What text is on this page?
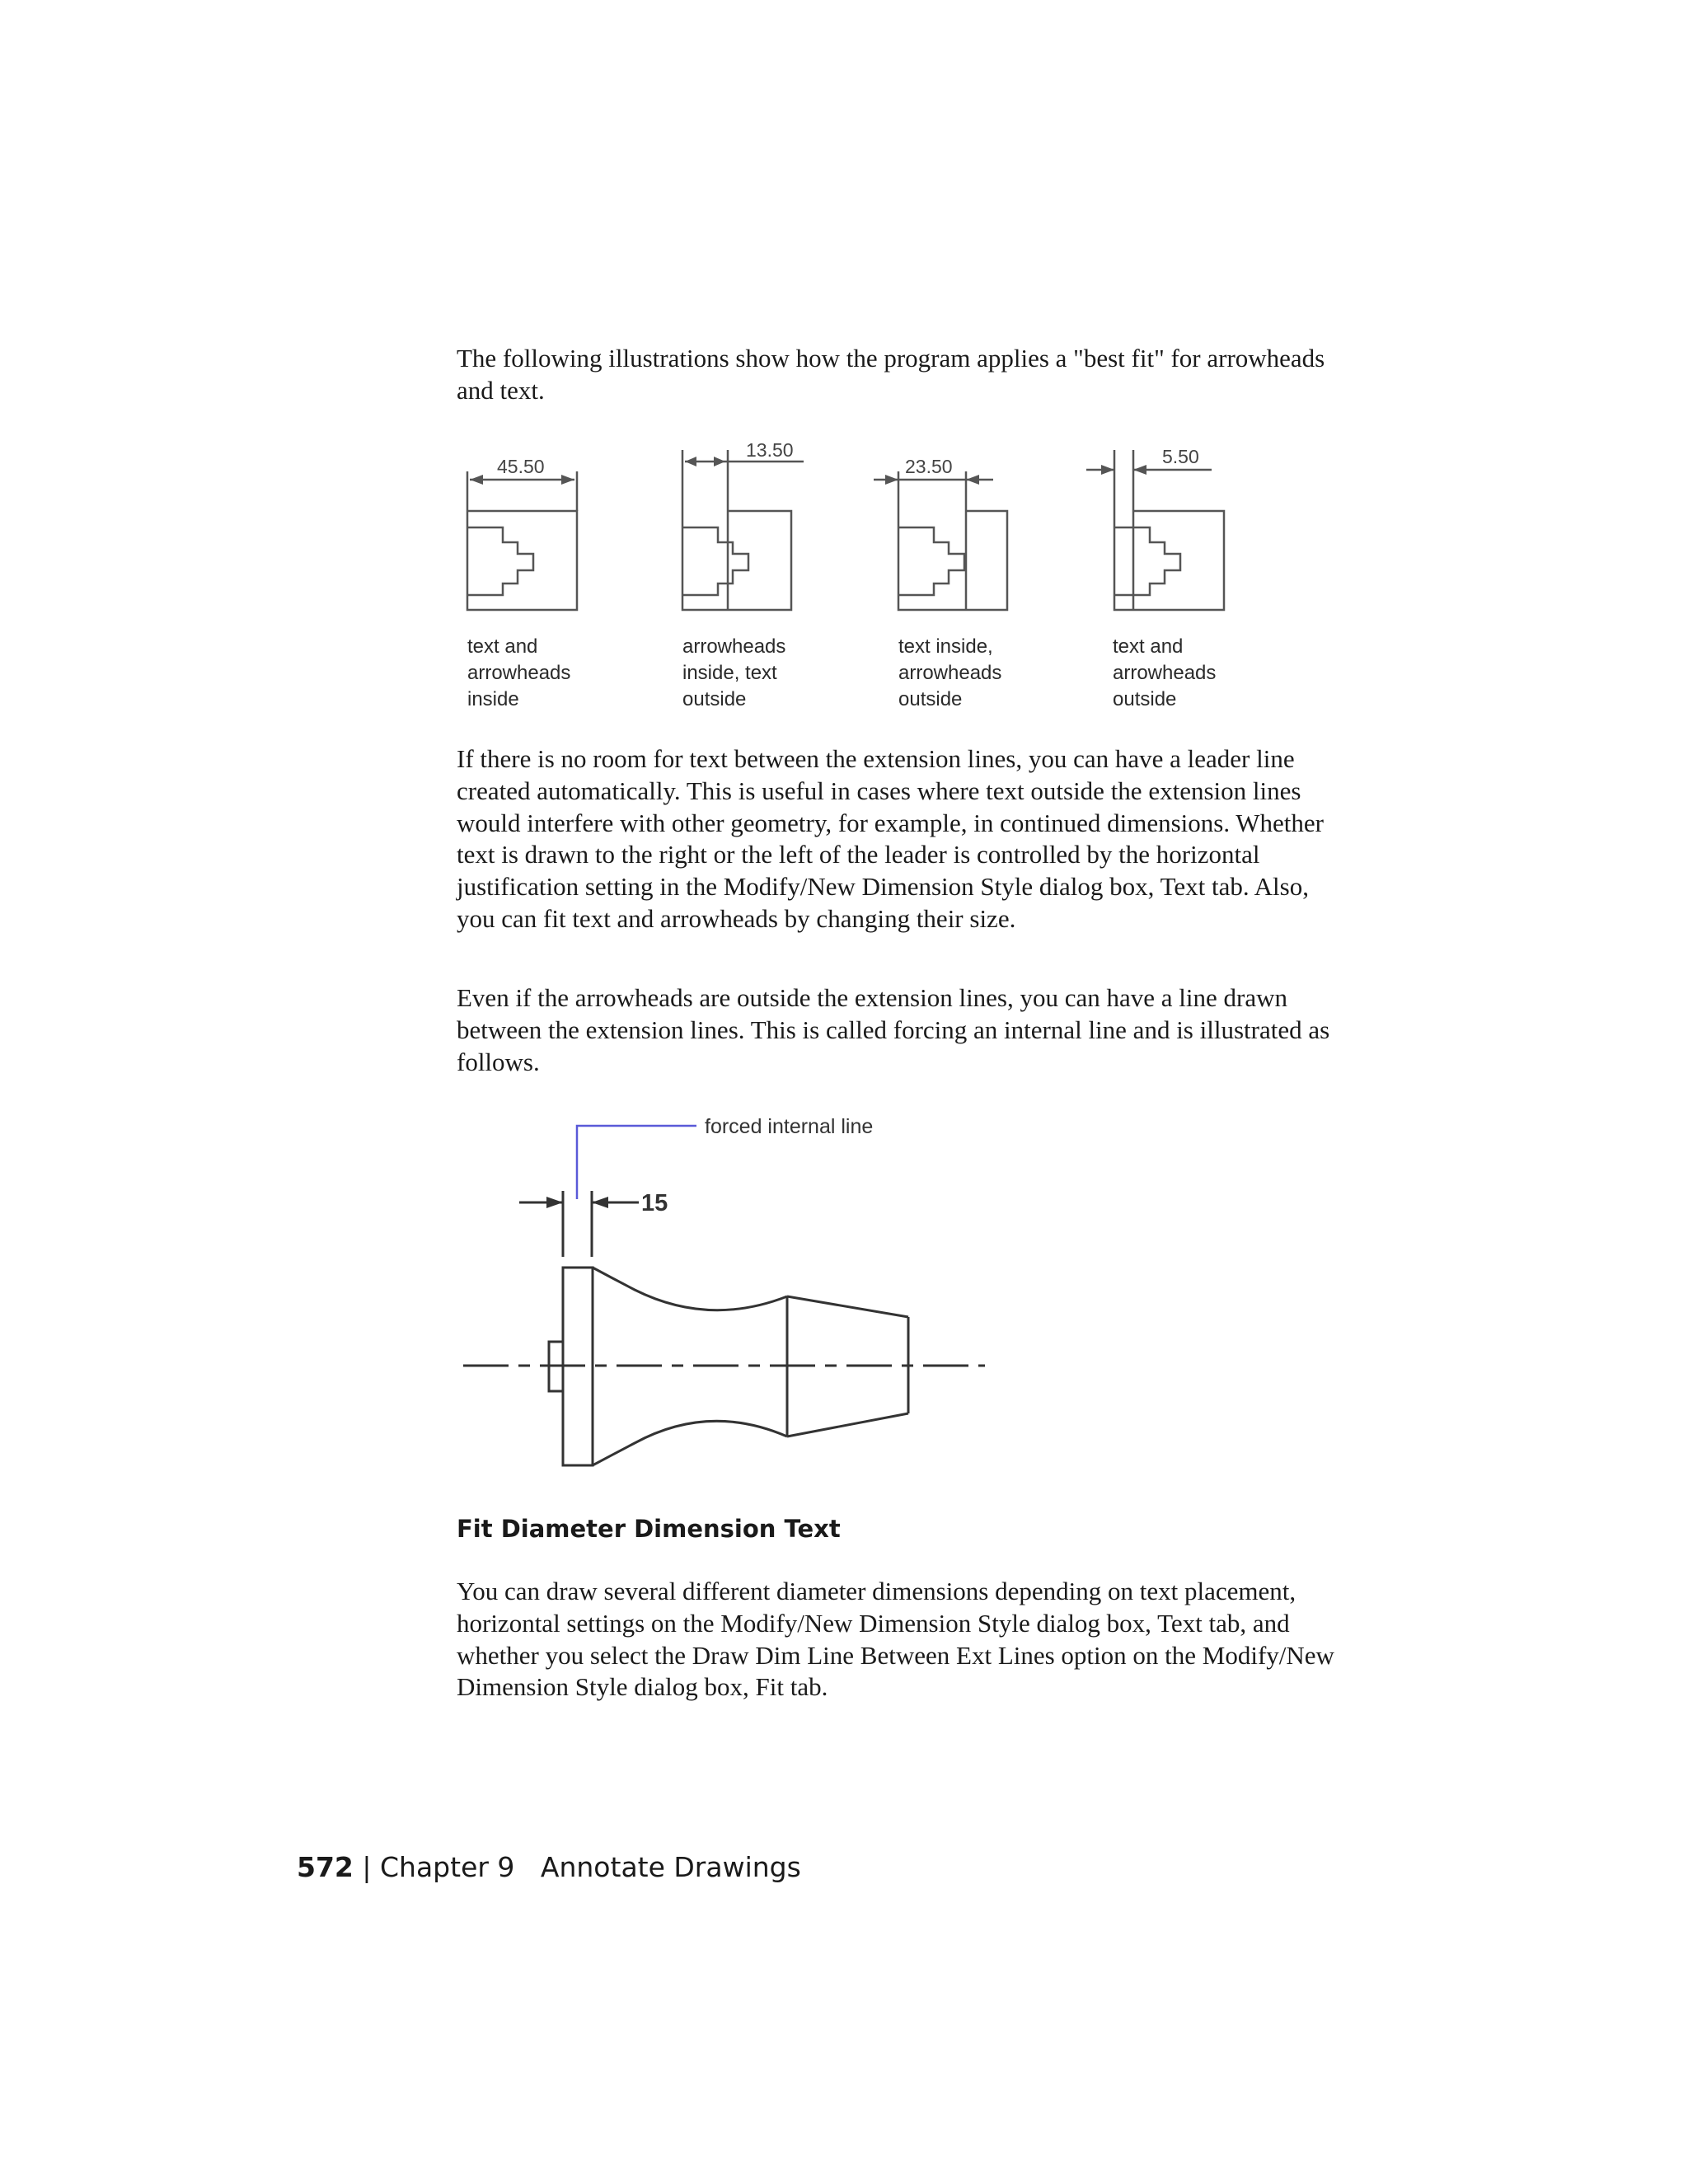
The following illustrations show how the program applies a "best fit" for arrowheads and text.

45.50
13.50
23.50	5.50
text and
arrowheads
inside
arrowheads
inside, text
outside
text inside,
arrowheads
outside
text and
arrowheads
outside

If there is no room for text between the extension lines, you can have a leader line created automatically. This is useful in cases where text outside the extension lines would interfere with other geometry, for example, in continued dimensions. Whether text is drawn to the right or the left of the leader is controlled by the horizontal justification setting in the Modify/New Dimension Style dialog box, Text tab. Also, you can fit text and arrowheads by changing their size.

Even if the arrowheads are outside the extension lines, you can have a line drawn between the extension lines. This is called forcing an internal line and is illustrated as follows.

forced internal line
15
Fit Diameter Dimension Text

You can draw several different diameter dimensions depending on text placement, horizontal settings on the Modify/New Dimension Style dialog box, Text tab, and whether you select the Draw Dim Line Between Ext Lines option on the Modify/New Dimension Style dialog box, Fit tab.

572 | Chapter 9 Annotate Drawings
